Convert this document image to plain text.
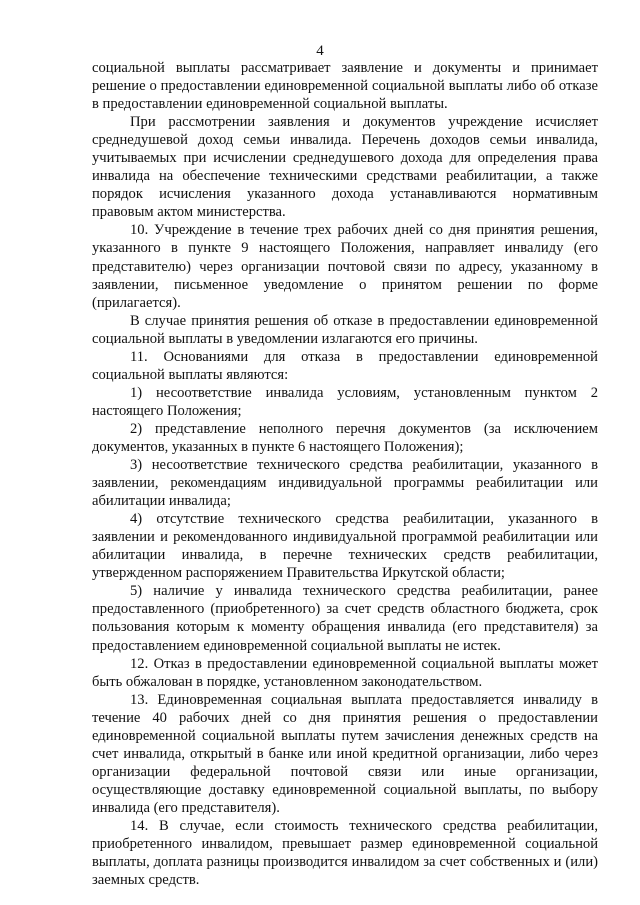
4

социальной выплаты рассматривает заявление и документы и принимает решение о предоставлении единовременной социальной выплаты либо об отказе в предоставлении единовременной социальной выплаты.

При рассмотрении заявления и документов учреждение исчисляет среднедушевой доход семьи инвалида. Перечень доходов семьи инвалида, учитываемых при исчислении среднедушевого дохода для определения права инвалида на обеспечение техническими средствами реабилитации, а также порядок исчисления указанного дохода устанавливаются нормативным правовым актом министерства.

10. Учреждение в течение трех рабочих дней со дня принятия решения, указанного в пункте 9 настоящего Положения, направляет инвалиду (его представителю) через организации почтовой связи по адресу, указанному в заявлении, письменное уведомление о принятом решении по форме (прилагается).

В случае принятия решения об отказе в предоставлении единовременной социальной выплаты в уведомлении излагаются его причины.

11. Основаниями для отказа в предоставлении единовременной социальной выплаты являются:

1) несоответствие инвалида условиям, установленным пунктом 2 настоящего Положения;

2) представление неполного перечня документов (за исключением документов, указанных в пункте 6 настоящего Положения);

3) несоответствие технического средства реабилитации, указанного в заявлении, рекомендациям индивидуальной программы реабилитации или абилитации инвалида;

4) отсутствие технического средства реабилитации, указанного в заявлении и рекомендованного индивидуальной программой реабилитации или абилитации инвалида, в перечне технических средств реабилитации, утвержденном распоряжением Правительства Иркутской области;

5) наличие у инвалида технического средства реабилитации, ранее предоставленного (приобретенного) за счет средств областного бюджета, срок пользования которым к моменту обращения инвалида (его представителя) за предоставлением единовременной социальной выплаты не истек.

12. Отказ в предоставлении единовременной социальной выплаты может быть обжалован в порядке, установленном законодательством.

13. Единовременная социальная выплата предоставляется инвалиду в течение 40 рабочих дней со дня принятия решения о предоставлении единовременной социальной выплаты путем зачисления денежных средств на счет инвалида, открытый в банке или иной кредитной организации, либо через организации федеральной почтовой связи или иные организации, осуществляющие доставку единовременной социальной выплаты, по выбору инвалида (его представителя).

14. В случае, если стоимость технического средства реабилитации, приобретенного инвалидом, превышает размер единовременной социальной выплаты, доплата разницы производится инвалидом за счет собственных и (или) заемных средств.
